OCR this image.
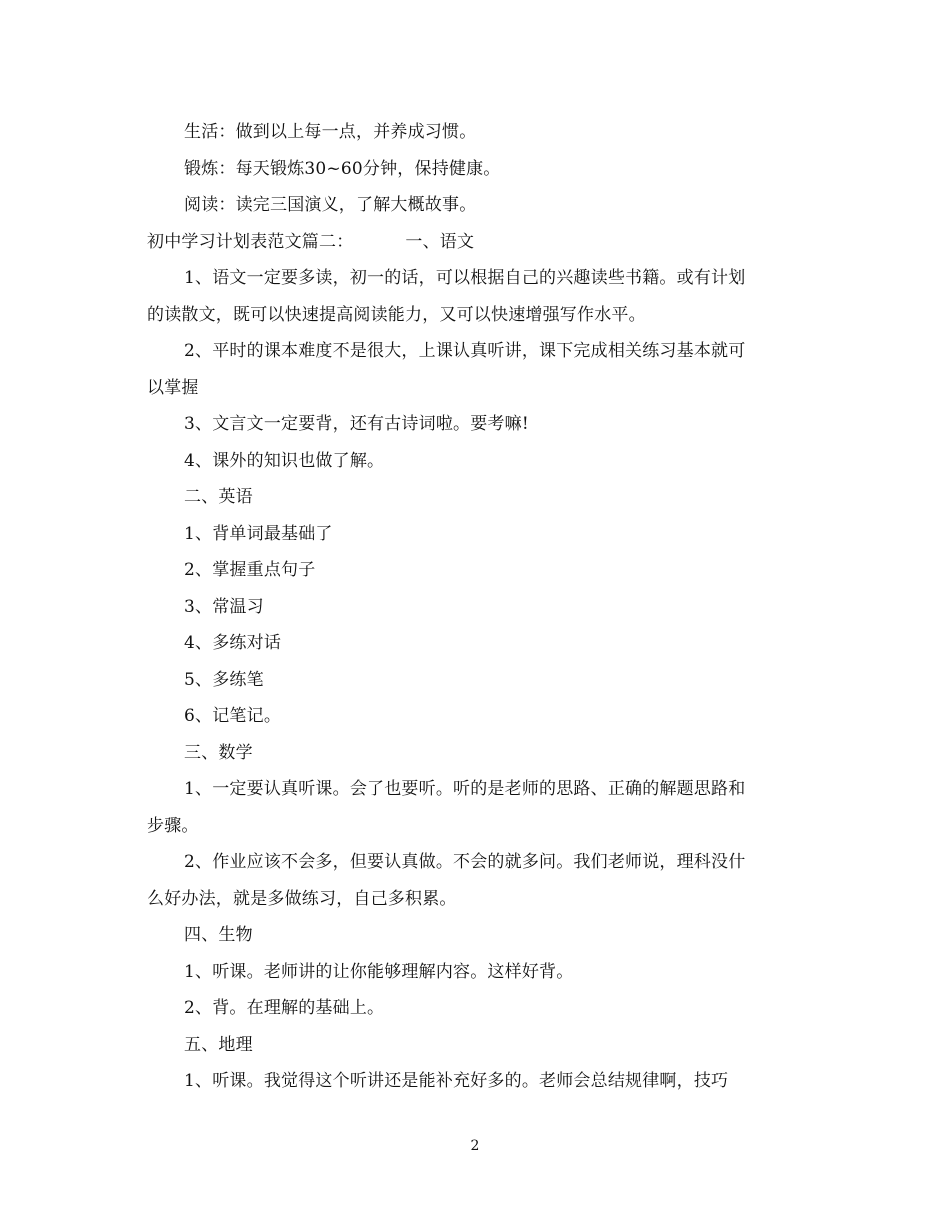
生活：做到以上每一点，并养成习惯。
锻炼：每天锻炼30~60分钟，保持健康。
阅读：读完三国演义，了解大概故事。
初中学习计划表范文篇二：	一、语文
1、语文一定要多读，初一的话，可以根据自己的兴趣读些书籍。或有计划
的读散文，既可以快速提高阅读能力，又可以快速增强写作水平。
2、平时的课本难度不是很大，上课认真听讲，课下完成相关练习基本就可
以掌握
3、文言文一定要背，还有古诗词啦。要考嘛!
4、课外的知识也做了解。
二、英语
1、背单词最基础了
2、掌握重点句子
3、常温习
4、多练对话
5、多练笔
6、记笔记。
三、数学
1、一定要认真听课。会了也要听。听的是老师的思路、正确的解题思路和
步骤。
2、作业应该不会多，但要认真做。不会的就多问。我们老师说，理科没什
么好办法，就是多做练习，自己多积累。
四、生物
1、听课。老师讲的让你能够理解内容。这样好背。
2、背。在理解的基础上。
五、地理
1、听课。我觉得这个听讲还是能补充好多的。老师会总结规律啊，技巧
2
